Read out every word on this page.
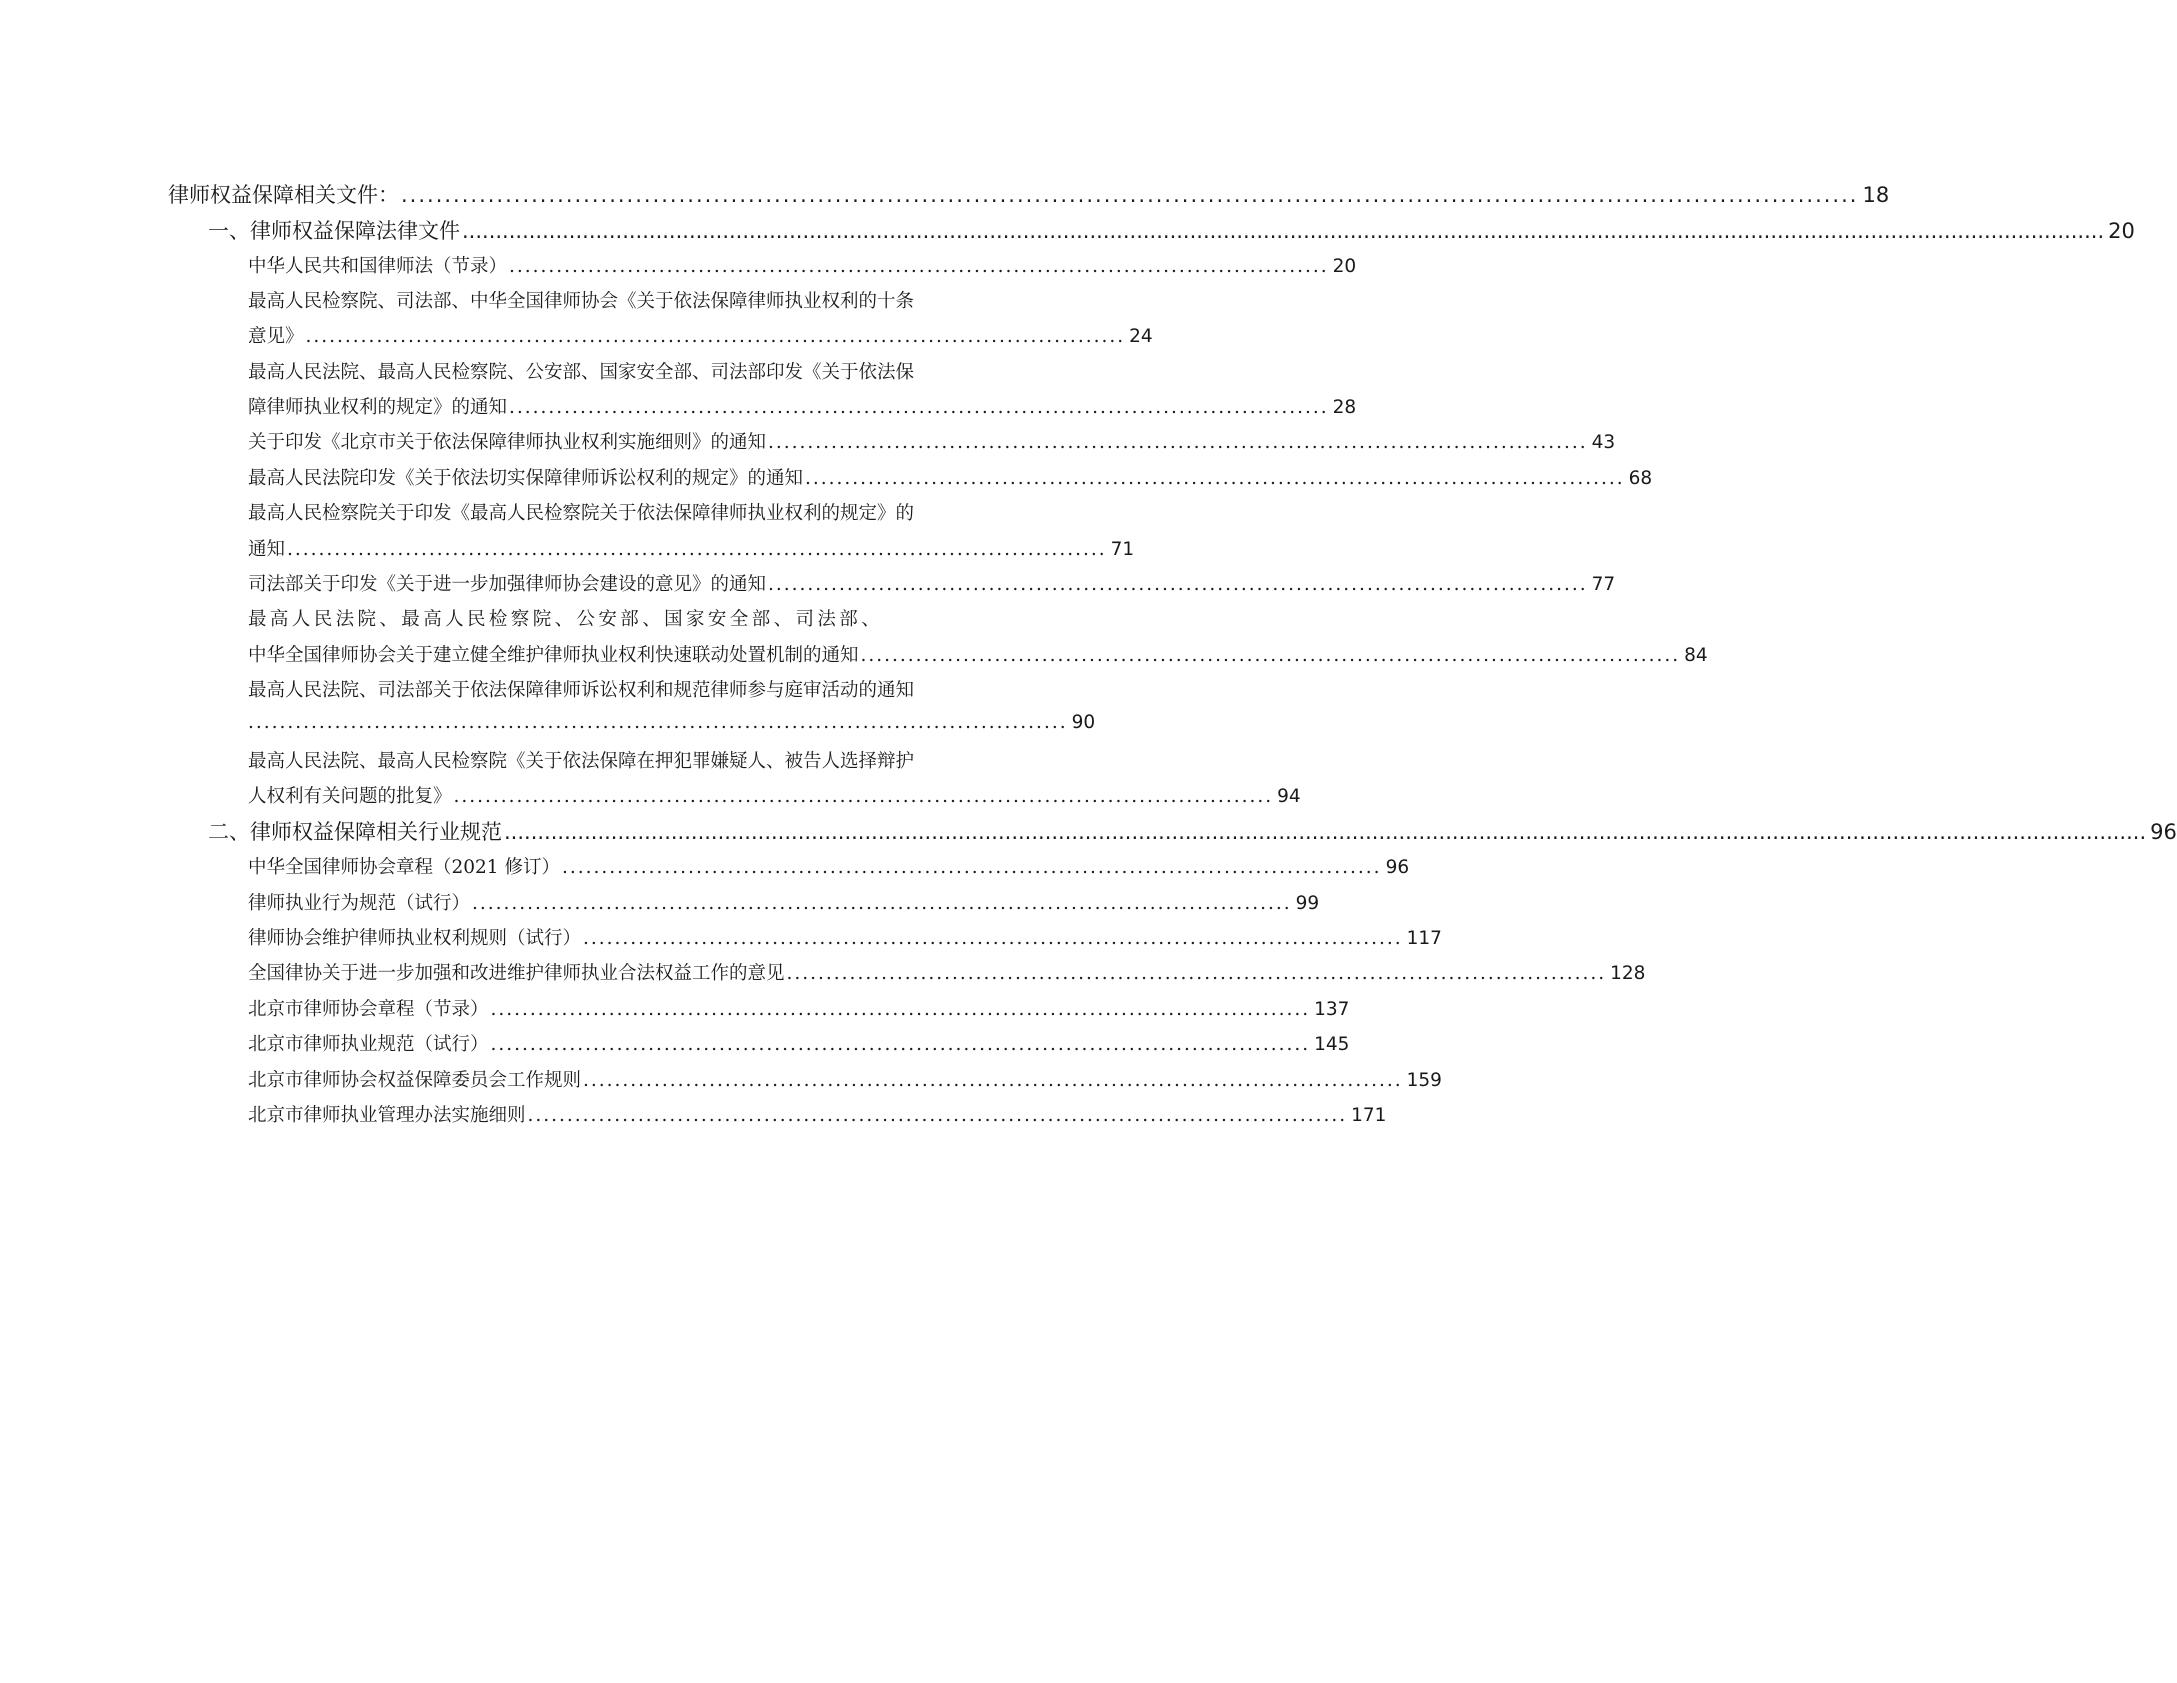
律师权益保障相关文件： ........................................................................................................................................................................ 18
一、律师权益保障法律文件 ...................................................................................................................................................................................................................................................... 20
中华人民共和国律师法（节录） ........................................................................................................ 20
最高人民检察院、司法部、中华全国律师协会《关于依法保障律师执业权利的十条
意见》 ........................................................................................................ 24
最高人民法院、最高人民检察院、公安部、国家安全部、司法部印发《关于依法保
障律师执业权利的规定》的通知 ........................................................................................................ 28
关于印发《北京市关于依法保障律师执业权利实施细则》的通知 ........................................................................................................ 43
最高人民法院印发《关于依法切实保障律师诉讼权利的规定》的通知 ........................................................................................................ 68
最高人民检察院关于印发《最高人民检察院关于依法保障律师执业权利的规定》的
通知 ........................................................................................................ 71
司法部关于印发《关于进一步加强律师协会建设的意见》的通知 ........................................................................................................ 77
最高人民法院、最高人民检察院、公安部、国家安全部、司法部、
中华全国律师协会关于建立健全维护律师执业权利快速联动处置机制的通知 ........................................................................................................ 84
最高人民法院、司法部关于依法保障律师诉讼权利和规范律师参与庭审活动的通知
........................................................................................................ 90
最高人民法院、最高人民检察院《关于依法保障在押犯罪嫌疑人、被告人选择辩护
人权利有关问题的批复》 ........................................................................................................ 94
二、律师权益保障相关行业规范 ...................................................................................................................................................................................................................................................... 96
中华全国律师协会章程（2021 修订） ........................................................................................................ 96
律师执业行为规范（试行） ........................................................................................................ 99
律师协会维护律师执业权利规则（试行） ........................................................................................................ 117
全国律协关于进一步加强和改进维护律师执业合法权益工作的意见 ........................................................................................................ 128
北京市律师协会章程（节录） ........................................................................................................ 137
北京市律师执业规范（试行） ........................................................................................................ 145
北京市律师协会权益保障委员会工作规则 ........................................................................................................ 159
北京市律师执业管理办法实施细则 ........................................................................................................ 171
